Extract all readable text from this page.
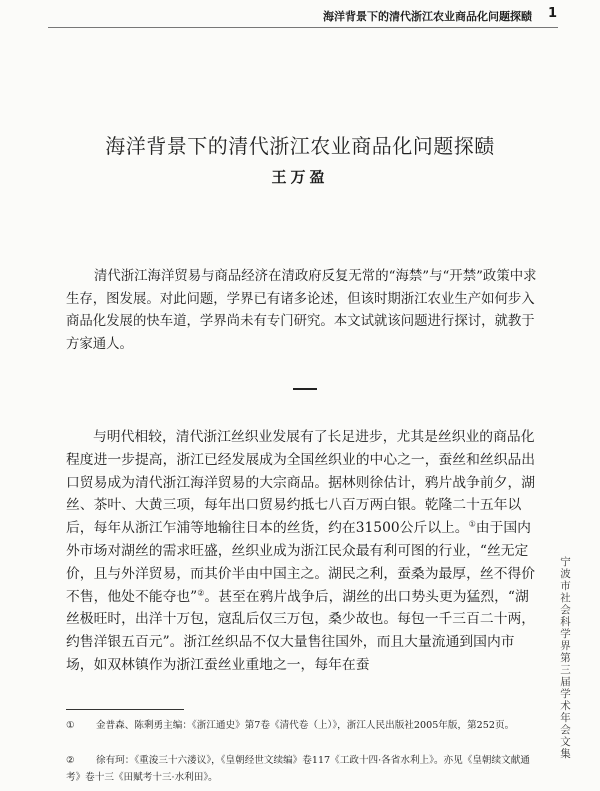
海洋背景下的清代浙江农业商品化问题探赜 1
海洋背景下的清代浙江农业商品化问题探赜
王万盈

清代浙江海洋贸易与商品经济在清政府反复无常的“海禁”与“开禁”政策中求生存，图发展。对此问题，学界已有诸多论述，但该时期浙江农业生产如何步入商品化发展的快车道，学界尚未有专门研究。本文试就该问题进行探讨，就教于方家通人。

与明代相较，清代浙江丝织业发展有了长足进步，尤其是丝织业的商品化程度进一步提高，浙江已经发展成为全国丝织业的中心之一，蚕丝和丝织品出口贸易成为清代浙江海洋贸易的大宗商品。据林则徐估计，鸦片战争前夕，湖丝、茶叶、大黄三项，每年出口贸易约抵七八百万两白银。乾隆二十五年以后，每年从浙江乍浦等地输往日本的丝货，约在31500公斤以上。①由于国内外市场对湖丝的需求旺盛，丝织业成为浙江民众最有利可图的行业，“丝无定价，且与外洋贸易，而其价半由中国主之。湖民之利，蚕桑为最厚，丝不得价不售，他处不能夺也”②。甚至在鸦片战争后，湖丝的出口势头更为猛烈，“湖丝极旺时，出洋十万包，寇乱后仅三万包，桑少故也。每包一千三百二十两，约售洋银五百元”。浙江丝织品不仅大量售往国外，而且大量流通到国内市场，如双林镇作为浙江蚕丝业重地之一，每年在蚕	宁波市社会科学界第三届学术年会文集

① 金普森、陈剩勇主编：《浙江通史》第7卷《清代卷（上）》，浙江人民出版社2005年版，第252页。

② 徐有珂：《重浚三十六溇议》，《皇朝经世文续编》卷117《工政十四·各省水利上》。亦见《皇朝续文献通考》卷十三《田赋考十三·水利田》。
